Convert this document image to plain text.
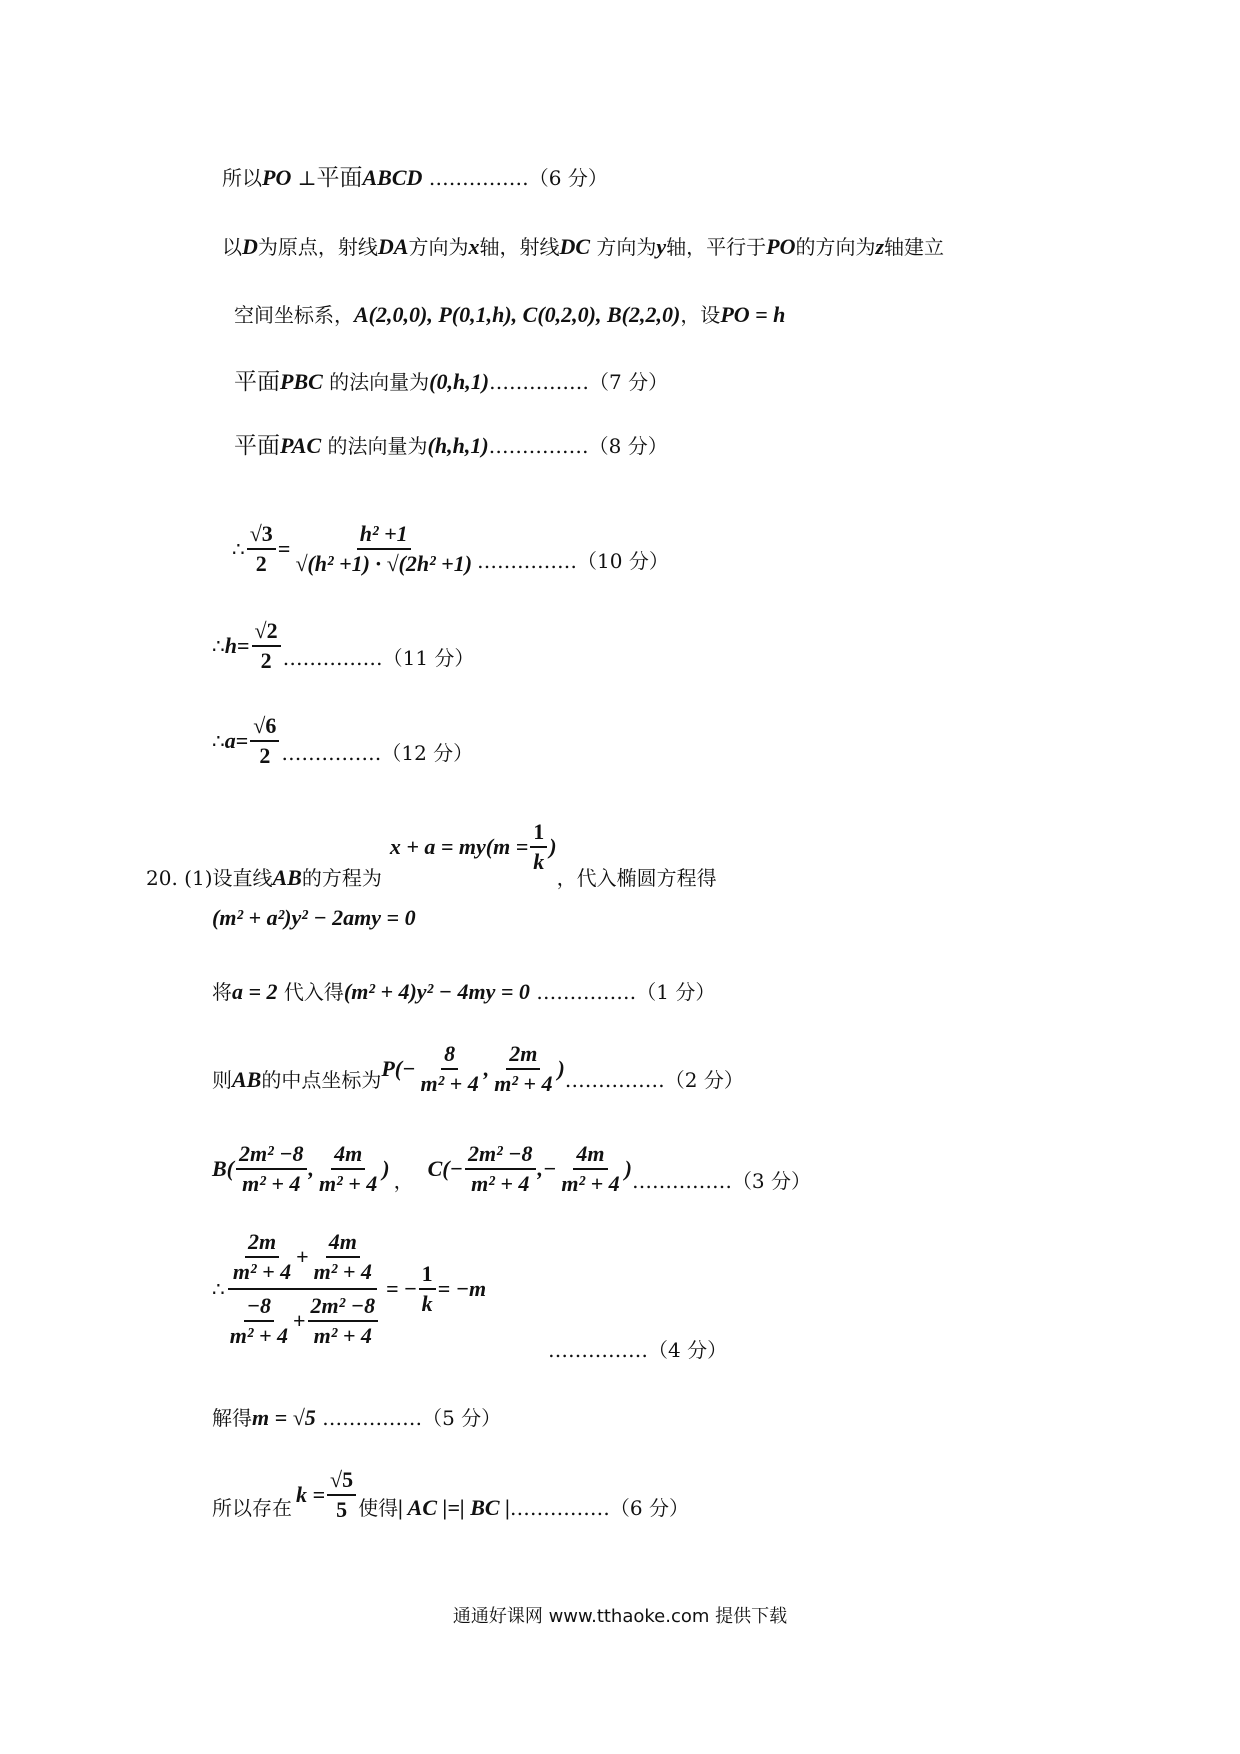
所以PO ⊥平面ABCD ……………（6 分）
以D为原点，射线DA方向为x轴，射线DC 方向为y轴，平行于PO的方向为z轴建立
空间坐标系，A(2,0,0), P(0,1,h), C(0,2,0), B(2,2,0)，设PO = h
平面PBC 的法向量为(0,h,1)……………（7 分）
平面PAC 的法向量为(h,h,1)……………（8 分）
∴ $\frac{√3}{2} = \frac{\text{h² +1}}{\text{√(h² +1) · √(2h² +1)}}$ …………… （10 分）
∴ $h = \frac{√2}{2}$ …………… （11 分）
∴ $a = \frac{√6}{2}$ …………… （12 分）
20. (1)设直线 AB 的方程为
$x + a = my(m = \frac{1}{k}$ )
，代入椭圆方程得
(m² + a²)y² − 2amy = 0
将a = 2 代入得(m² + 4)y² − 4my = 0 ……………（1 分）
则 AB 的中点坐标为 $P(- \frac{8}{\text{m² + 4}}$ , $\frac{2m}{\text{m² + 4}}$ ) …………… （2 分）
$B( \frac{\text{2m² −8}}{\text{m² + 4}}$ , $\frac{4m}{\text{m² + 4}}$ ) ， $C(- \frac{\text{2m² −8}}{\text{m² + 4}}$ ,− $\frac{4m}{\text{m² + 4}}$ ) …………… （3 分）
∴ $\frac{\frac{2m}{\text{m² + 4}} + \frac{4m}{\text{m² + 4}}}{\frac{-8}{\text{m² + 4}} + \frac{\text{2m² −8}}{\text{m² + 4}}}$ = − $\frac{1}{k} = -m$
……………（4 分）
解得m = √5 ……………（5 分）
所以存在
$k = \frac{√5}{5}$ 使得 | AC |=| BC | …………… （6 分）
通通好课网 www.tthaoke.com 提供下载
